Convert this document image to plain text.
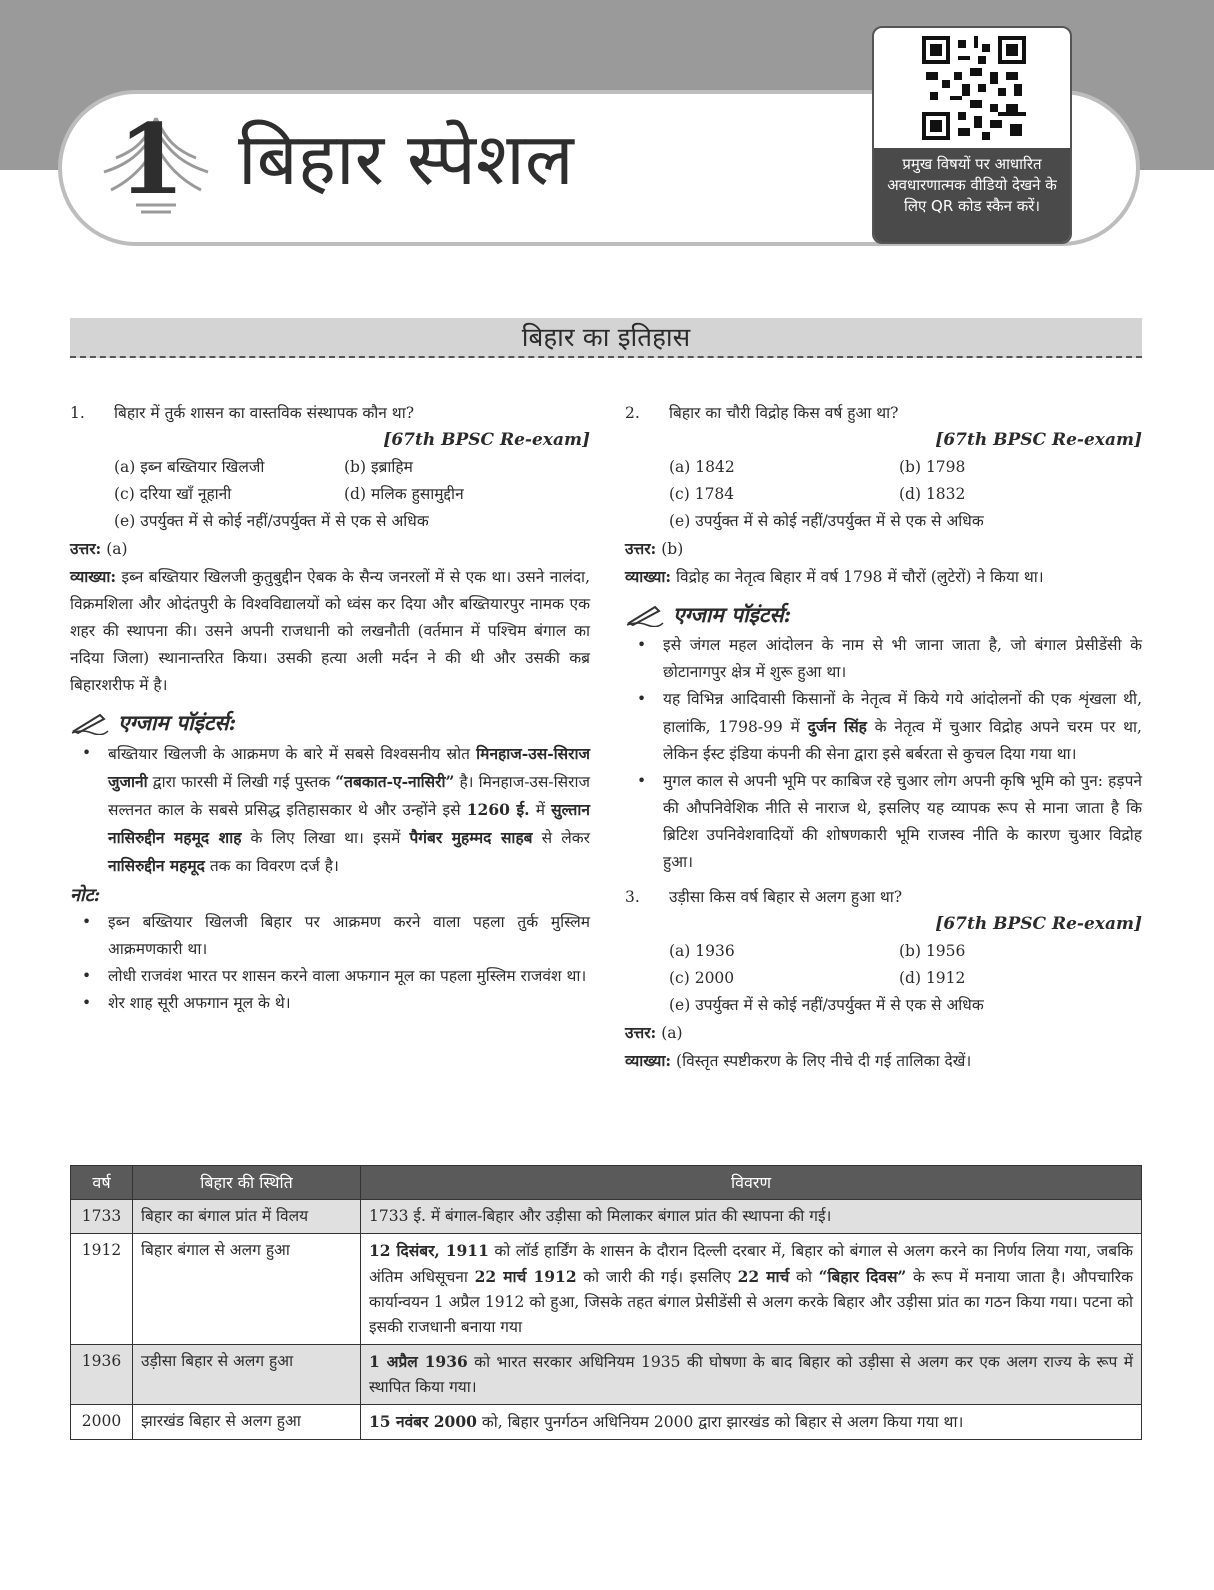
1 बिहार स्पेशल	प्रमुख विषयों पर आधारित अवधारणात्मक वीडियो देखने के लिए QR कोड स्कैन करें।
बिहार का इतिहास
1.	बिहार में तुर्क शासन का वास्तविक संस्थापक कौन था?
[67th BPSC Re-exam]
(a) इब्न बख्तियार खिलजी	(b) इब्राहिम
(c) दरिया खाँ नूहानी	(d) मलिक हुसामुद्दीन
(e) उपर्युक्त में से कोई नहीं/उपर्युक्त में से एक से अधिक
उत्तर: (a)
व्याख्या: इब्न बख्तियार खिलजी कुतुबुद्दीन ऐबक के सैन्य जनरलों में से एक था। उसने नालंदा, विक्रमशिला और ओदंतपुरी के विश्वविद्यालयों को ध्वंस कर दिया और बख्तियारपुर नामक एक शहर की स्थापना की। उसने अपनी राजधानी को लखनौती (वर्तमान में पश्चिम बंगाल का नदिया जिला) स्थानान्तरित किया। उसकी हत्या अली मर्दन ने की थी और उसकी कब्र बिहारशरीफ में है।
एग्जाम पॉइंटर्स:
• बख्तियार खिलजी के आक्रमण के बारे में सबसे विश्वसनीय स्रोत मिनहाज-उस-सिराज जुजानी द्वारा फारसी में लिखी गई पुस्तक “तबकात-ए-नासिरी” है। मिनहाज-उस-सिराज सल्तनत काल के सबसे प्रसिद्ध इतिहासकार थे और उन्होंने इसे 1260 ई. में सुल्तान नासिरुद्दीन महमूद शाह के लिए लिखा था। इसमें पैगंबर मुहम्मद साहब से लेकर नासिरुद्दीन महमूद तक का विवरण दर्ज है।
नोट:
• इब्न बख्तियार खिलजी बिहार पर आक्रमण करने वाला पहला तुर्क मुस्लिम आक्रमणकारी था।
• लोधी राजवंश भारत पर शासन करने वाला अफगान मूल का पहला मुस्लिम राजवंश था।
• शेर शाह सूरी अफगान मूल के थे।
2.	बिहार का चौरी विद्रोह किस वर्ष हुआ था?
[67th BPSC Re-exam]
(a) 1842	(b) 1798
(c) 1784	(d) 1832
(e) उपर्युक्त में से कोई नहीं/उपर्युक्त में से एक से अधिक
उत्तर: (b)
व्याख्या: विद्रोह का नेतृत्व बिहार में वर्ष 1798 में चौरों (लुटेरों) ने किया था।
एग्जाम पॉइंटर्स:
• इसे जंगल महल आंदोलन के नाम से भी जाना जाता है, जो बंगाल प्रेसीडेंसी के छोटानागपुर क्षेत्र में शुरू हुआ था।
• यह विभिन्न आदिवासी किसानों के नेतृत्व में किये गये आंदोलनों की एक शृंखला थी, हालांकि, 1798-99 में दुर्जन सिंह के नेतृत्व में चुआर विद्रोह अपने चरम पर था, लेकिन ईस्ट इंडिया कंपनी की सेना द्वारा इसे बर्बरता से कुचल दिया गया था।
• मुगल काल से अपनी भूमि पर काबिज रहे चुआर लोग अपनी कृषि भूमि को पुन: हड़पने की औपनिवेशिक नीति से नाराज थे, इसलिए यह व्यापक रूप से माना जाता है कि ब्रिटिश उपनिवेशवादियों की शोषणकारी भूमि राजस्व नीति के कारण चुआर विद्रोह हुआ।
3.	उड़ीसा किस वर्ष बिहार से अलग हुआ था?
[67th BPSC Re-exam]
(a) 1936	(b) 1956
(c) 2000	(d) 1912
(e) उपर्युक्त में से कोई नहीं/उपर्युक्त में से एक से अधिक
उत्तर: (a)
व्याख्या: (विस्तृत स्पष्टीकरण के लिए नीचे दी गई तालिका देखें।
वर्ष	बिहार की स्थिति	विवरण
1733	बिहार का बंगाल प्रांत में विलय	1733 ई. में बंगाल-बिहार और उड़ीसा को मिलाकर बंगाल प्रांत की स्थापना की गई।
1912	बिहार बंगाल से अलग हुआ	12 दिसंबर, 1911 को लॉर्ड हार्डिंग के शासन के दौरान दिल्ली दरबार में, बिहार को बंगाल से अलग करने का निर्णय लिया गया, जबकि अंतिम अधिसूचना 22 मार्च 1912 को जारी की गई। इसलिए 22 मार्च को “बिहार दिवस” के रूप में मनाया जाता है। औपचारिक कार्यान्वयन 1 अप्रैल 1912 को हुआ, जिसके तहत बंगाल प्रेसीडेंसी से अलग करके बिहार और उड़ीसा प्रांत का गठन किया गया। पटना को इसकी राजधानी बनाया गया
1936	उड़ीसा बिहार से अलग हुआ	1 अप्रैल 1936 को भारत सरकार अधिनियम 1935 की घोषणा के बाद बिहार को उड़ीसा से अलग कर एक अलग राज्य के रूप में स्थापित किया गया।
2000	झारखंड बिहार से अलग हुआ	15 नवंबर 2000 को, बिहार पुनर्गठन अधिनियम 2000 द्वारा झारखंड को बिहार से अलग किया गया था।
